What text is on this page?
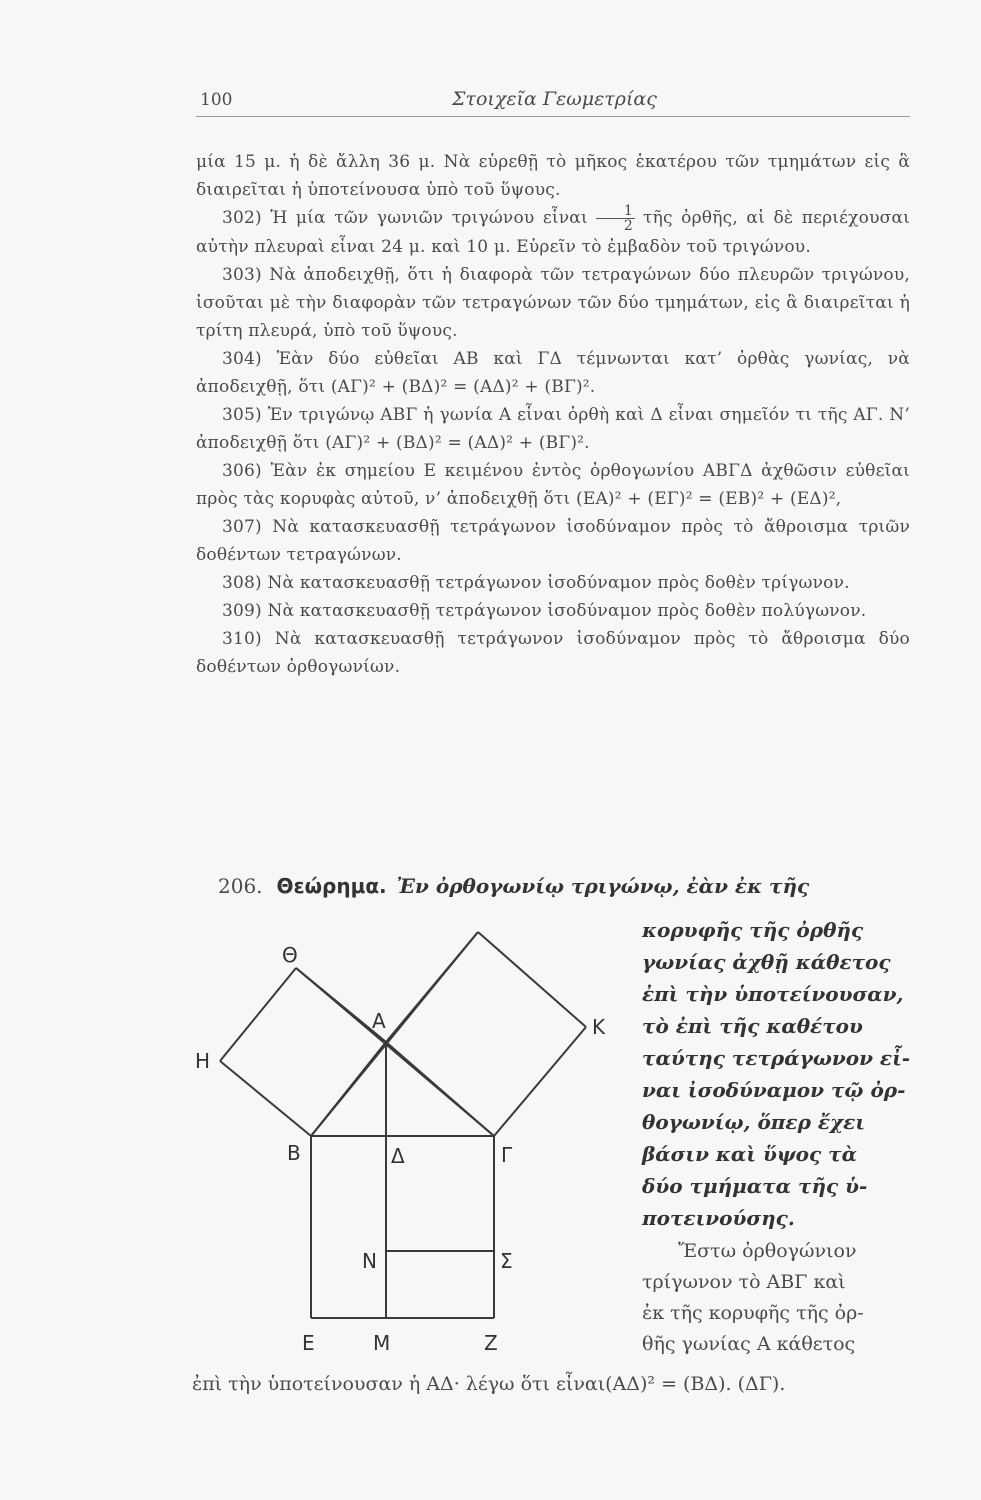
100	Στοιχεῖα Γεωμετρίας

μία 15 μ. ἡ δὲ ἄλλη 36 μ. Νὰ εὑρεθῇ τὸ μῆκος ἑκατέρου τῶν τμημάτων εἰς ἃ διαιρεῖται ἡ ὑποτείνουσα ὑπὸ τοῦ ὕψους.

302) Ἡ μία τῶν γωνιῶν τριγώνου εἶναι $\frac{1}{2}$ τῆς ὀρθῆς, αἱ δὲ περιέχουσαι αὐτὴν πλευραὶ εἶναι 24 μ. καὶ 10 μ. Εὑρεῖν τὸ ἐμβαδὸν τοῦ τριγώνου.

303) Νὰ ἀποδειχθῇ, ὅτι ἡ διαφορὰ τῶν τετραγώνων δύο πλευρῶν τριγώνου, ἰσοῦται μὲ τὴν διαφορὰν τῶν τετραγώνων τῶν δύο τμημάτων, εἰς ἃ διαιρεῖται ἡ τρίτη πλευρά, ὑπὸ τοῦ ὕψους.

304) Ἐὰν δύο εὐθεῖαι ΑΒ καὶ ΓΔ τέμνωνται κατ’ ὀρθὰς γωνίας, νὰ ἀποδειχθῇ, ὅτι (ΑΓ)² + (ΒΔ)² = (ΑΔ)² + (ΒΓ)².

305) Ἐν τριγώνῳ ΑΒΓ ἡ γωνία Α εἶναι ὀρθὴ καὶ Δ εἶναι σημεῖόν τι τῆς ΑΓ. Ν’ ἀποδειχθῇ ὅτι (ΑΓ)² + (ΒΔ)² = (ΑΔ)² + (ΒΓ)².

306) Ἐὰν ἐκ σημείου Ε κειμένου ἐντὸς ὀρθογωνίου ΑΒΓΔ ἀχθῶσιν εὐθεῖαι πρὸς τὰς κορυφὰς αὐτοῦ, ν’ ἀποδειχθῇ ὅτι (ΕΑ)² + (ΕΓ)² = (ΕΒ)² + (ΕΔ)²,

307) Νὰ κατασκευασθῇ τετράγωνον ἰσοδύναμον πρὸς τὸ ἄθροισμα τριῶν δοθέντων τετραγώνων.

308) Νὰ κατασκευασθῇ τετράγωνον ἰσοδύναμον πρὸς δοθὲν τρίγωνον.

309) Νὰ κατασκευασθῇ τετράγωνον ἰσοδύναμον πρὸς δοθὲν πολύγωνον.

310) Νὰ κατασκευασθῇ τετράγωνον ἰσοδύναμον πρὸς τὸ ἄθροισμα δύο δοθέντων ὀρθογωνίων.

206. Θεώρημα. Ἐν ὀρθογωνίῳ τριγώνῳ, ἐὰν ἐκ τῆς
κορυφῆς τῆς ὀρθῆς
γωνίας ἀχθῇ κάθετος
ἐπὶ τὴν ὑποτείνουσαν,
τὸ ἐπὶ τῆς καθέτου
ταύτης τετράγωνον εἶ-
ναι ἰσοδύναμον τῷ ὀρ-
θογωνίῳ, ὅπερ ἔχει
βάσιν καὶ ὕψος τὰ
δύο τμήματα τῆς ὑ-
ποτεινούσης.
Ἔστω ὀρθογώνιον
τρίγωνον τὸ ΑΒΓ καὶ
ἐκ τῆς κορυφῆς τῆς ὀρ-
θῆς γωνίας Α κάθετος
ἐπὶ τὴν ὑποτείνουσαν ἡ ΑΔ· λέγω ὅτι εἶναι(ΑΔ)² = (ΒΔ). (ΔΓ).
Θ
Η
Α	Κ
Β	Δ	Γ
Ν	Σ
Ε	Μ	Ζ
